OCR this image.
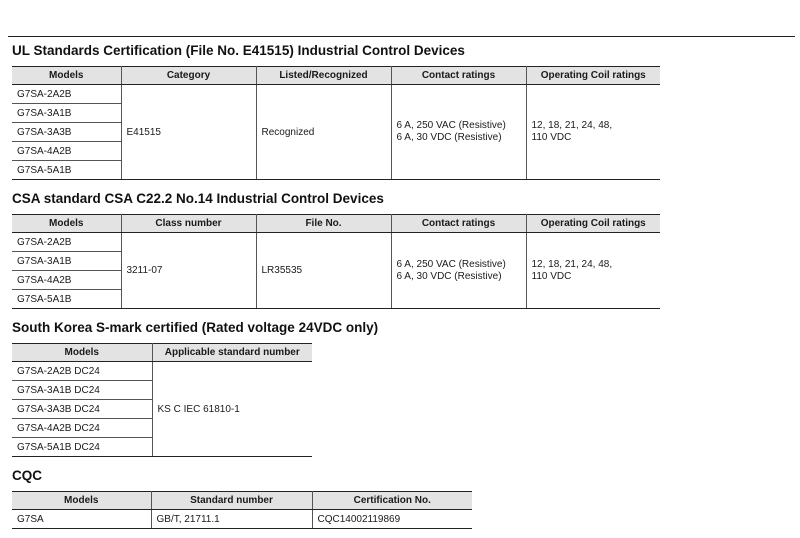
UL Standards Certification (File No. E41515) Industrial Control Devices
Models	Category	Listed/Recognized	Contact ratings	Operating Coil ratings
G7SA-2A2B	E41515	Recognized	6 A, 250 VAC (Resistive)
6 A, 30 VDC (Resistive)	12, 18, 21, 24, 48,
110 VDC
G7SA-3A1B				
G7SA-3A3B				
G7SA-4A2B				
G7SA-5A1B				
CSA standard CSA C22.2 No.14 Industrial Control Devices
Models	Class number	File No.	Contact ratings	Operating Coil ratings
G7SA-2A2B	3211-07	LR35535	6 A, 250 VAC (Resistive)
6 A, 30 VDC (Resistive)	12, 18, 21, 24, 48,
110 VDC
G7SA-3A1B				
G7SA-4A2B				
G7SA-5A1B				
South Korea S-mark certified (Rated voltage 24VDC only)
Models	Applicable standard number
G7SA-2A2B DC24	KS C IEC 61810-1
G7SA-3A1B DC24	
G7SA-3A3B DC24	
G7SA-4A2B DC24	
G7SA-5A1B DC24	
CQC
Models	Standard number	Certification No.
G7SA	GB/T, 21711.1	CQC14002119869
